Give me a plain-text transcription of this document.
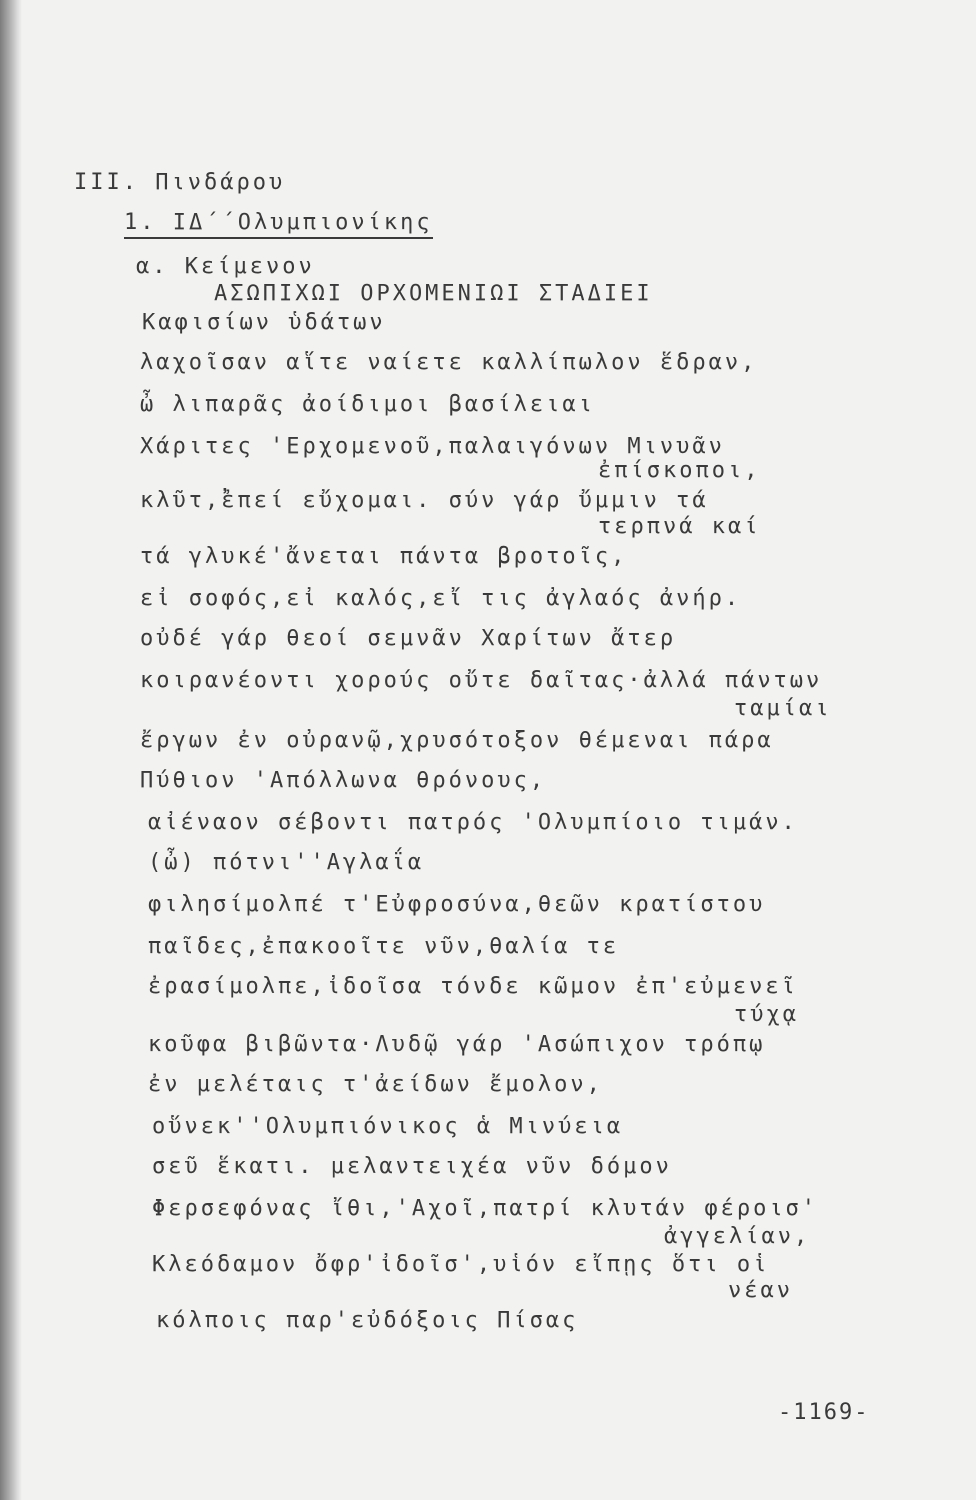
III. Πινδάρου
1. ΙΔ΄΄Ολυμπιονίκης
α. Κείμενον
ΑΣΩΠΙΧΩΙ ΟΡΧΟΜΕΝΙΩΙ ΣΤΑΔΙΕΙ
Καφισίων ὑδάτων
λαχοῖσαν αἵτε ναίετε καλλίπωλον ἕδραν,
ὦ λιπαρᾶς ἀοίδιμοι βασίλειαι
Χάριτες 'Ερχομενοῦ,παλαιγόνων Μινυᾶν
ἐπίσκοποι,
κλῦτ,̓ἐπεί εὔχομαι. σύν γάρ ὔμμιν τά
τερπνά καί
τά γλυκέ'ἄνεται πάντα βροτοῖς,
εἰ σοφός,εἰ καλός,εἴ τις ἀγλαός ἀνήρ.
οὐδέ γάρ θεοί σεμνᾶν Χαρίτων ἄτερ
κοιρανέοντι χορούς οὔτε δαῖτας·ἀλλά πάντων
ταμίαι
ἔργων ἐν οὐρανῷ,χρυσότοξον θέμεναι πάρα
Πύθιον 'Απόλλωνα θρόνους,
αἰέναον σέβοντι πατρός 'Ολυμπίοιο τιμάν.
(ὦ) πότνι''Αγλαΐα
φιλησίμολπέ τ'Εὐφροσύνα,θεῶν κρατίστου
παῖδες,ἐπακοοῖτε νῦν,θαλία τε
ἐρασίμολπε,ἰδοῖσα τόνδε κῶμον ἐπ'εὐμενεῖ
τύχᾳ
κοῦφα βιβῶντα·Λυδῷ γάρ 'Ασώπιχον τρόπῳ
ἐν μελέταις τ'ἀείδων ἔμολον,
οὕνεκ''Ολυμπιόνικος ἁ Μινύεια
σεῦ ἕκατι. μελαντειχέα νῦν δόμον
Φερσεφόνας ἴθι,'Αχοῖ,πατρί κλυτάν φέροισ'
ἀγγελίαν,
Κλεόδαμον ὄφρ'ἰδοῖσ',υἱόν εἴπῃς ὅτι οἱ
νέαν
κόλποις παρ'εὐδόξοις Πίσας
-1169-
